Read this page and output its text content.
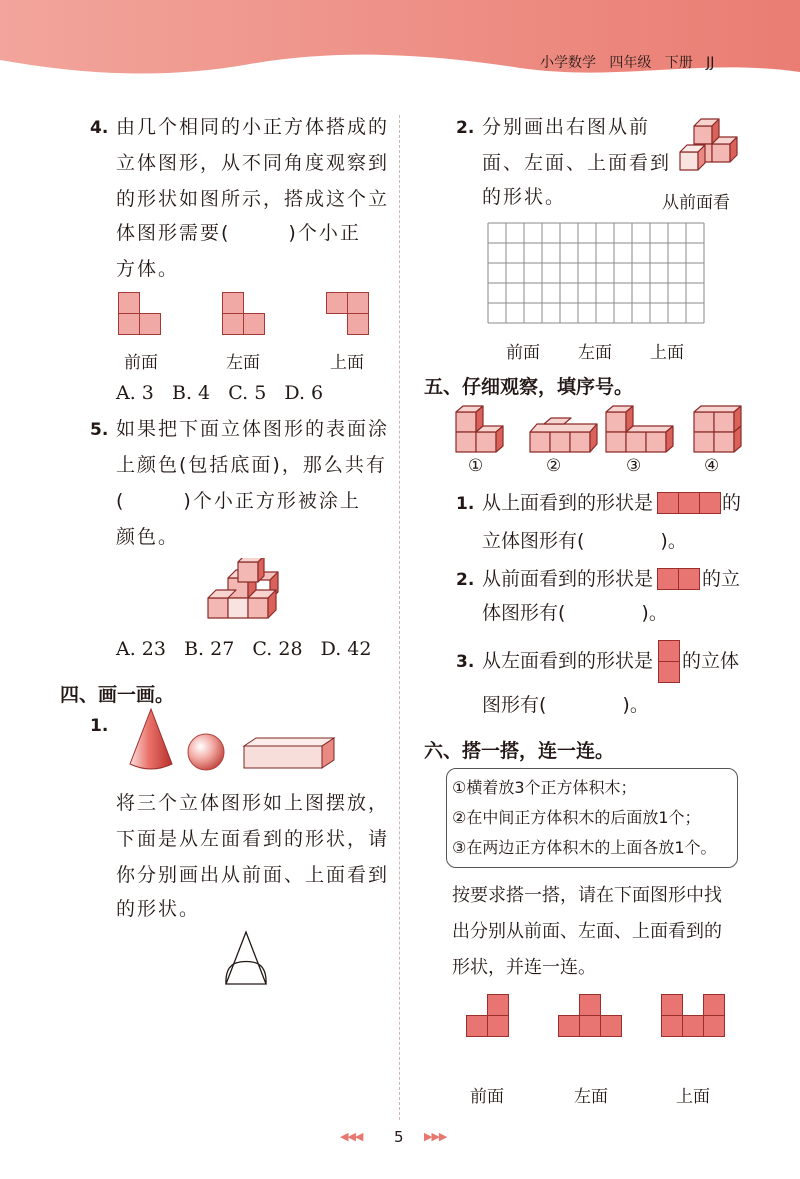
小学数学 四年级 下册 JJ
4. 由几个相同的小正方体搭成的
立体图形，从不同角度观察到
的形状如图所示，搭成这个立
体图形需要(	)个小正
方体。
前面	左面	上面
A. 3   B. 4   C. 5   D. 6
5. 如果把下面立体图形的表面涂
上颜色(包括底面)，那么共有
(	)个小正方形被涂上
颜色。
A. 23   B. 27   C. 28   D. 42
四、画一画。
1.
将三个立体图形如上图摆放，
下面是从左面看到的形状，请
你分别画出从前面、上面看到
的形状。
2. 分别画出右图从前
面、左面、上面看到
的形状。	从前面看
前面 左面 上面
五、仔细观察，填序号。
①	②	③	④
1. 从上面看到的形状是	的
立体图形有(	)。
2. 从前面看到的形状是	的立
体图形有(	)。
3. 从左面看到的形状是 的立体
图形有(	)。
六、搭一搭，连一连。
①横着放3个正方体积木；
②在中间正方体积木的后面放1个；
③在两边正方体积木的上面各放1个。
按要求搭一搭，请在下面图形中找
出分别从前面、左面、上面看到的
形状，并连一连。
前面	左面	上面
◀◀◀ 5 ▶▶▶
